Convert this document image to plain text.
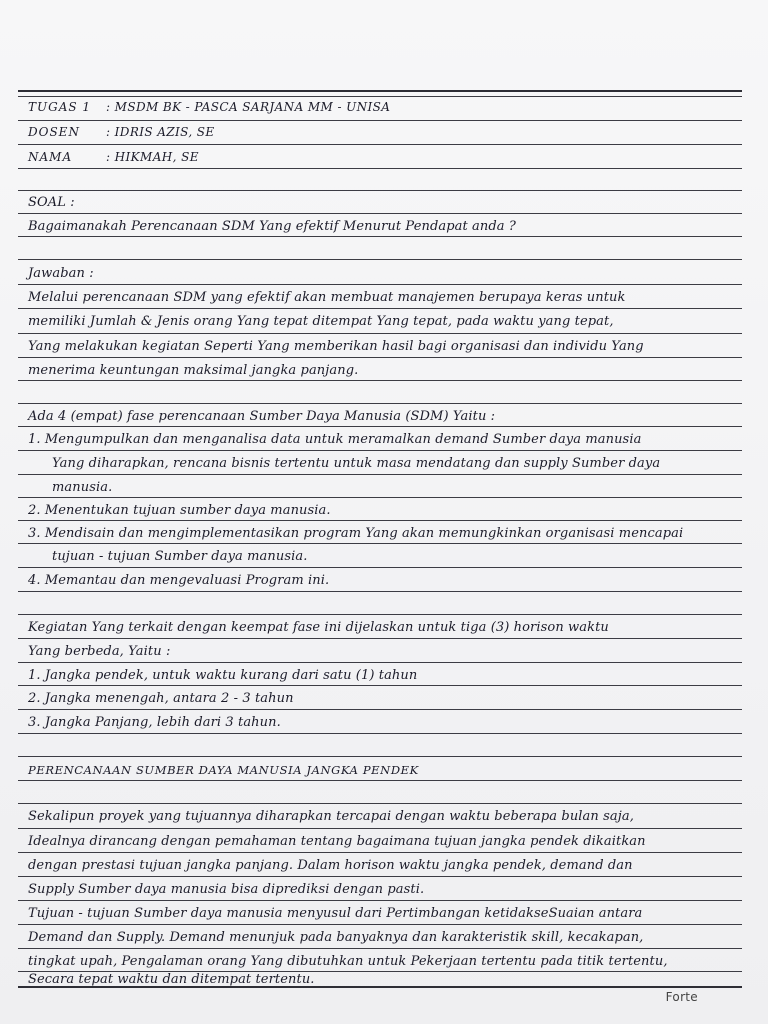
TUGAS 1 : MSDM BK - PASCA SARJANA MM - UNISA
DOSEN : IDRIS AZIS, SE
NAMA	: HIKMAH, SE
SOAL :
Bagaimanakah Perencanaan SDM Yang efektif Menurut Pendapat anda ?
Jawaban :
Melalui perencanaan SDM yang efektif akan membuat manajemen berupaya keras untuk
memiliki Jumlah & Jenis orang Yang tepat ditempat Yang tepat, pada waktu yang tepat,
Yang melakukan kegiatan Seperti Yang memberikan hasil bagi organisasi dan individu Yang
menerima keuntungan maksimal jangka panjang.
Ada 4 (empat) fase perencanaan Sumber Daya Manusia (SDM) Yaitu :
1. Mengumpulkan dan menganalisa data untuk meramalkan demand Sumber daya manusia
Yang diharapkan, rencana bisnis tertentu untuk masa mendatang dan supply Sumber daya
manusia.
2. Menentukan tujuan sumber daya manusia.
3. Mendisain dan mengimplementasikan program Yang akan memungkinkan organisasi mencapai
tujuan - tujuan Sumber daya manusia.
4. Memantau dan mengevaluasi Program ini.
Kegiatan Yang terkait dengan keempat fase ini dijelaskan untuk tiga (3) horison waktu
Yang berbeda, Yaitu :
1. Jangka pendek, untuk waktu kurang dari satu (1) tahun
2. Jangka menengah, antara 2 - 3 tahun
3. Jangka Panjang, lebih dari 3 tahun.
PERENCANAAN SUMBER DAYA MANUSIA JANGKA PENDEK
Sekalipun proyek yang tujuannya diharapkan tercapai dengan waktu beberapa bulan saja,
Idealnya dirancang dengan pemahaman tentang bagaimana tujuan jangka pendek dikaitkan
dengan prestasi tujuan jangka panjang. Dalam horison waktu jangka pendek, demand dan
Supply Sumber daya manusia bisa diprediksi dengan pasti.
Tujuan - tujuan Sumber daya manusia menyusul dari Pertimbangan ketidakseSuaian antara
Demand dan Supply. Demand menunjuk pada banyaknya dan karakteristik skill, kecakapan,
tingkat upah, Pengalaman orang Yang dibutuhkan untuk Pekerjaan tertentu pada titik tertentu,
Secara tepat waktu dan ditempat tertentu.
Forte
